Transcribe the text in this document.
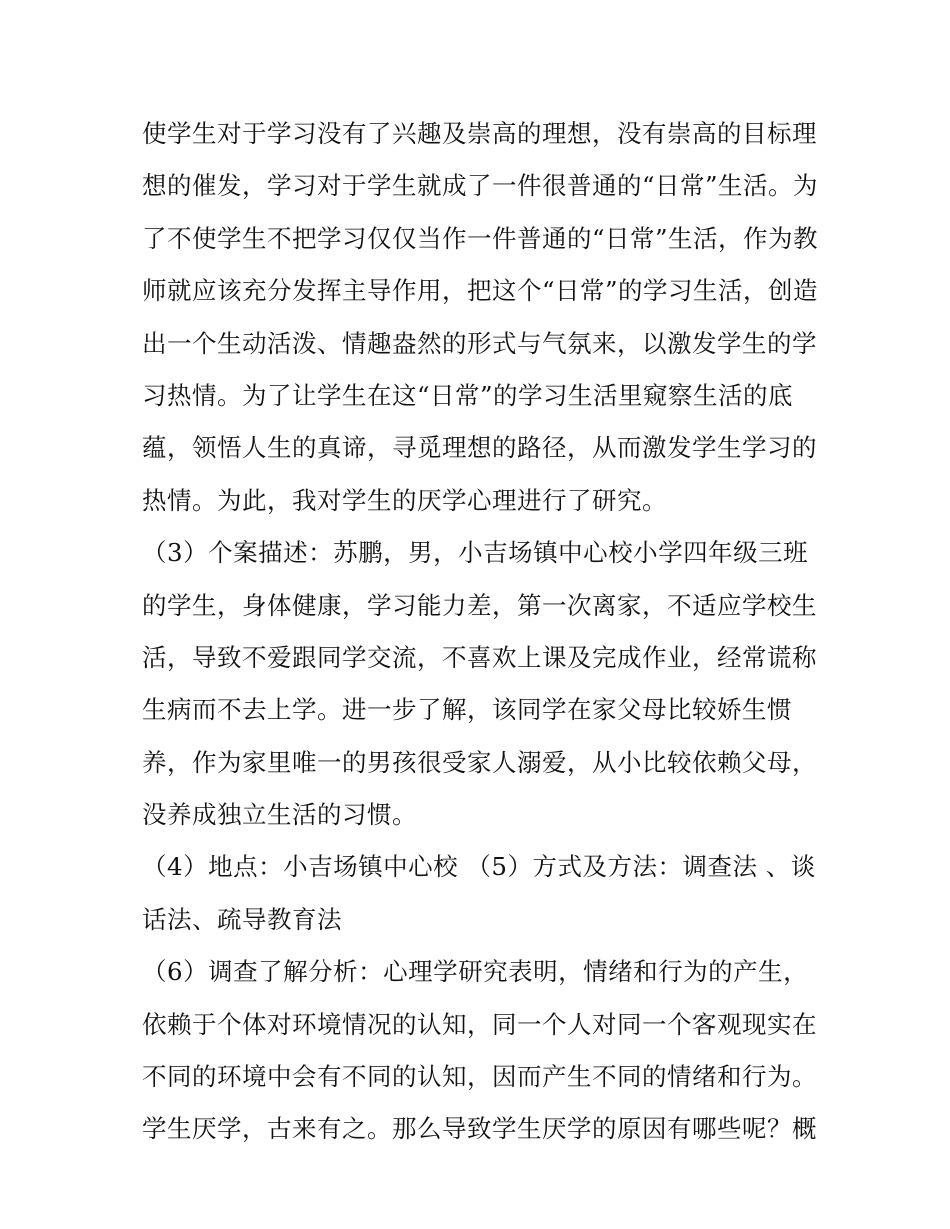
使学生对于学习没有了兴趣及崇高的理想，没有崇高的目标理
想的催发，学习对于学生就成了一件很普通的“日常”生活。为
了不使学生不把学习仅仅当作一件普通的“日常”生活，作为教
师就应该充分发挥主导作用，把这个“日常”的学习生活，创造
出一个生动活泼、情趣盎然的形式与气氛来，以激发学生的学
习热情。为了让学生在这“日常”的学习生活里窥察生活的底
蕴，领悟人生的真谛，寻觅理想的路径，从而激发学生学习的
热情。为此，我对学生的厌学心理进行了研究。
（3）个案描述：苏鹏，男，小吉场镇中心校小学四年级三班
的学生，身体健康，学习能力差，第一次离家，不适应学校生
活，导致不爱跟同学交流，不喜欢上课及完成作业，经常谎称
生病而不去上学。进一步了解，该同学在家父母比较娇生惯
养，作为家里唯一的男孩很受家人溺爱，从小比较依赖父母，
没养成独立生活的习惯。
（4）地点：小吉场镇中心校 （5）方式及方法：调查法 、谈
话法、疏导教育法
（6）调查了解分析：心理学研究表明，情绪和行为的产生，
依赖于个体对环境情况的认知，同一个人对同一个客观现实在
不同的环境中会有不同的认知，因而产生不同的情绪和行为。
学生厌学，古来有之。那么导致学生厌学的原因有哪些呢？概
